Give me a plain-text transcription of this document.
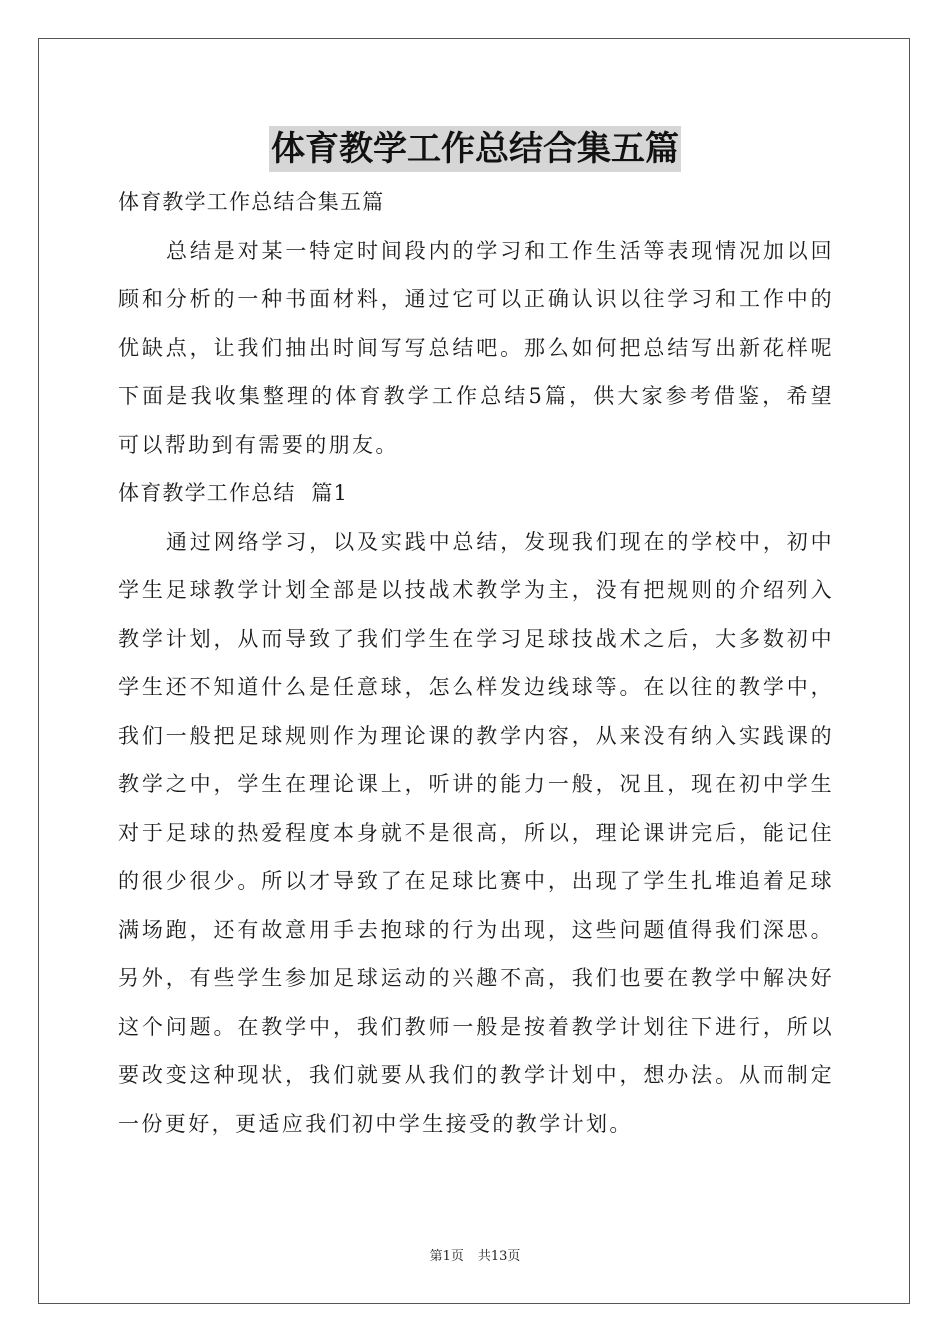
体育教学工作总结合集五篇

体育教学工作总结合集五篇

总结是对某一特定时间段内的学习和工作生活等表现情况加以回顾和分析的一种书面材料，通过它可以正确认识以往学习和工作中的优缺点，让我们抽出时间写写总结吧。那么如何把总结写出新花样呢下面是我收集整理的体育教学工作总结5篇，供大家参考借鉴，希望可以帮助到有需要的朋友。

体育教学工作总结  篇1

通过网络学习，以及实践中总结，发现我们现在的学校中，初中学生足球教学计划全部是以技战术教学为主，没有把规则的介绍列入教学计划，从而导致了我们学生在学习足球技战术之后，大多数初中学生还不知道什么是任意球，怎么样发边线球等。在以往的教学中，我们一般把足球规则作为理论课的教学内容，从来没有纳入实践课的教学之中，学生在理论课上，听讲的能力一般，况且，现在初中学生对于足球的热爱程度本身就不是很高，所以，理论课讲完后，能记住的很少很少。所以才导致了在足球比赛中，出现了学生扎堆追着足球满场跑，还有故意用手去抱球的行为出现，这些问题值得我们深思。另外，有些学生参加足球运动的兴趣不高，我们也要在教学中解决好这个问题。在教学中，我们教师一般是按着教学计划往下进行，所以要改变这种现状，我们就要从我们的教学计划中，想办法。从而制定一份更好，更适应我们初中学生接受的教学计划。

第1页 共13页
